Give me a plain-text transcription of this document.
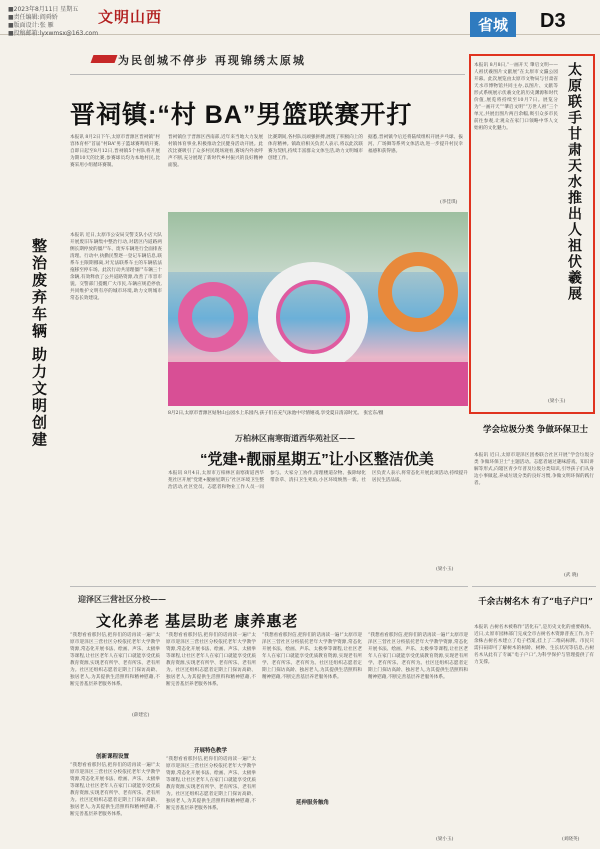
■2023年8月11日 星期五
■责任编辑:阎舜娇
■版面设计:张 雁
■投稿邮箱:lyxwmsx@163.com
文明山西	省城	D3
为民创城不停步 再现锦绣太原城
晋祠镇:“村 BA”男篮联赛开打
本报讯 8月2日下午,太原市晋源区晋祠镇“村容体育杯”首届“村BA”男子篮球赛鸣哨开赛,自即日起至8月12日,晋祠镇5个村队将开展为期10天的比赛,参赛球员均为本地村民,比赛采用小组循环赛制。
晋祠镇位于晋源区西南部,近年来当地大力发展村镇体育事业,积极推动全民健身活动开展。此次比赛吸引了众多村民现场观看,赛场内外欢呼声不断,充分展现了新时代乡村振兴的良好精神面貌。
比赛期间,各村队员顽强拼搏,展现了积极向上的体育精神。镇政府相关负责人表示,将以此次联赛为契机,持续丰富群众文体生活,助力文明城市创建工作。
据悉,晋祠镇今后还将陆续组织开展乒乓球、拔河、广场舞等系列文体活动,进一步提升村民幸福感和获得感。
(李佳琪)
整治废弃车辆 助力文明创建
本报讯 近日,太原市公安局交警支队小店大队开展废旧车辆集中整治行动,对辖区内道路两侧长期停放的僵尸车、废弃车辆进行全面排查清理。行动中,执勤民警逐一登记车辆信息,联系车主限期挪离,对无法联系车主的车辆依法拖移至停车场。此次行动共清理僵尸车辆三十余辆,有效释放了公共道路资源,改善了市容市貌。交警部门提醒广大市民,车辆应规范停放,共同维护文明有序的城市环境,助力文明城市常态长效建设。
(薛建宏)
8月2日,太原市晋源区姑射山公园水上乐园内,孩子们在充气泳池中尽情嬉戏,享受夏日清凉时光。 张宏东/摄
万柏林区南寒街道西华苑社区——
“党建+靓丽星期五”让小区整洁优美
本报讯 8月4日,太原市万柏林区南寒街道西华苑社区开展“党建+靓丽星期五”社区环境卫生整治活动,社区党员、志愿者和物业工作人员一同参与。大家分工协作,清理楼道杂物、拔除绿化带杂草、清扫卫生死角,小区环境焕然一新。社区负责人表示,将常态化开展此项活动,持续提升居民生活品质。
(梁小玉)
本报讯 8月8日,“一画开天 肇启文明——人祖伏羲图片文献展”在太原市文瀛公园开幕。此次展览由太原市文物局与甘肃省天水市博物馆共同主办,以图片、文献等形式系统展示伏羲文化的历史渊源和时代价值,展览将持续至10月7日。展览分为“一画开天”“肇启文明”“万世人祖”三个单元,共展出图片两百余幅,吸引众多市民前往参观,让观众在家门口领略中华人文始祖的文化魅力。	太原联手甘肃天水推出人祖伏羲展
(梁小玉)
学会垃圾分类 争做环保卫士
本报讯 近日,太原市迎泽区团委联合社区开展“学会垃圾分类 争做环保卫士”主题活动。志愿者通过趣味游戏、知识讲解等形式,向辖区青少年普及垃圾分类知识,引导孩子们从身边小事做起,养成垃圾分类的良好习惯,争做文明环保的践行者。
(武 晓)
迎泽区三营社区分校——
文化养老 基层助老 康养惠老
“我想看看那封信,把你们的话再读一遍!”太原市迎泽区三营社区分校依托老年大学教学资源,常态化开展书法、绘画、声乐、太极拳等课程,让社区老年人在家门口就能享受优质教育资源,实现老有所学、老有所乐、老有所为。社区还组织志愿者定期上门探访高龄、独居老人,为其提供生活照料和精神慰藉,不断完善基层养老服务体系。
创新课程设置
“我想看看那封信,把你们的话再读一遍!”太原市迎泽区三营社区分校依托老年大学教学资源,常态化开展书法、绘画、声乐、太极拳等课程,让社区老年人在家门口就能享受优质教育资源,实现老有所学、老有所乐、老有所为。社区还组织志愿者定期上门探访高龄、独居老人,为其提供生活照料和精神慰藉,不断完善基层养老服务体系。
“我想看看那封信,把你们的话再读一遍!”太原市迎泽区三营社区分校依托老年大学教学资源,常态化开展书法、绘画、声乐、太极拳等课程,让社区老年人在家门口就能享受优质教育资源,实现老有所学、老有所乐、老有所为。社区还组织志愿者定期上门探访高龄、独居老人,为其提供生活照料和精神慰藉,不断完善基层养老服务体系。
开展特色教学
“我想看看那封信,把你们的话再读一遍!”太原市迎泽区三营社区分校依托老年大学教学资源,常态化开展书法、绘画、声乐、太极拳等课程,让社区老年人在家门口就能享受优质教育资源,实现老有所学、老有所乐、老有所为。社区还组织志愿者定期上门探访高龄、独居老人,为其提供生活照料和精神慰藉,不断完善基层养老服务体系。
“我想看看那封信,把你们的话再读一遍!”太原市迎泽区三营社区分校依托老年大学教学资源,常态化开展书法、绘画、声乐、太极拳等课程,让社区老年人在家门口就能享受优质教育资源,实现老有所学、老有所乐、老有所为。社区还组织志愿者定期上门探访高龄、独居老人,为其提供生活照料和精神慰藉,不断完善基层养老服务体系。
延伸服务触角
“我想看看那封信,把你们的话再读一遍!”太原市迎泽区三营社区分校依托老年大学教学资源,常态化开展书法、绘画、声乐、太极拳等课程,让社区老年人在家门口就能享受优质教育资源,实现老有所学、老有所乐、老有所为。社区还组织志愿者定期上门探访高龄、独居老人,为其提供生活照料和精神慰藉,不断完善基层养老服务体系。
(梁小玉)
千余古树名木 有了“电子户口”
本报讯 古树名木被称作“活化石”,是历史文化的重要载体。近日,太原市园林部门完成全市古树名木资源普查工作,为千余株古树名木建立了电子档案,挂上了二维码标牌。市民只需扫码即可了解树木的树龄、树种、生长状况等信息,古树名木从此有了专属“电子户口”,为科学保护与管理提供了有力支撑。
(刘晓英)
